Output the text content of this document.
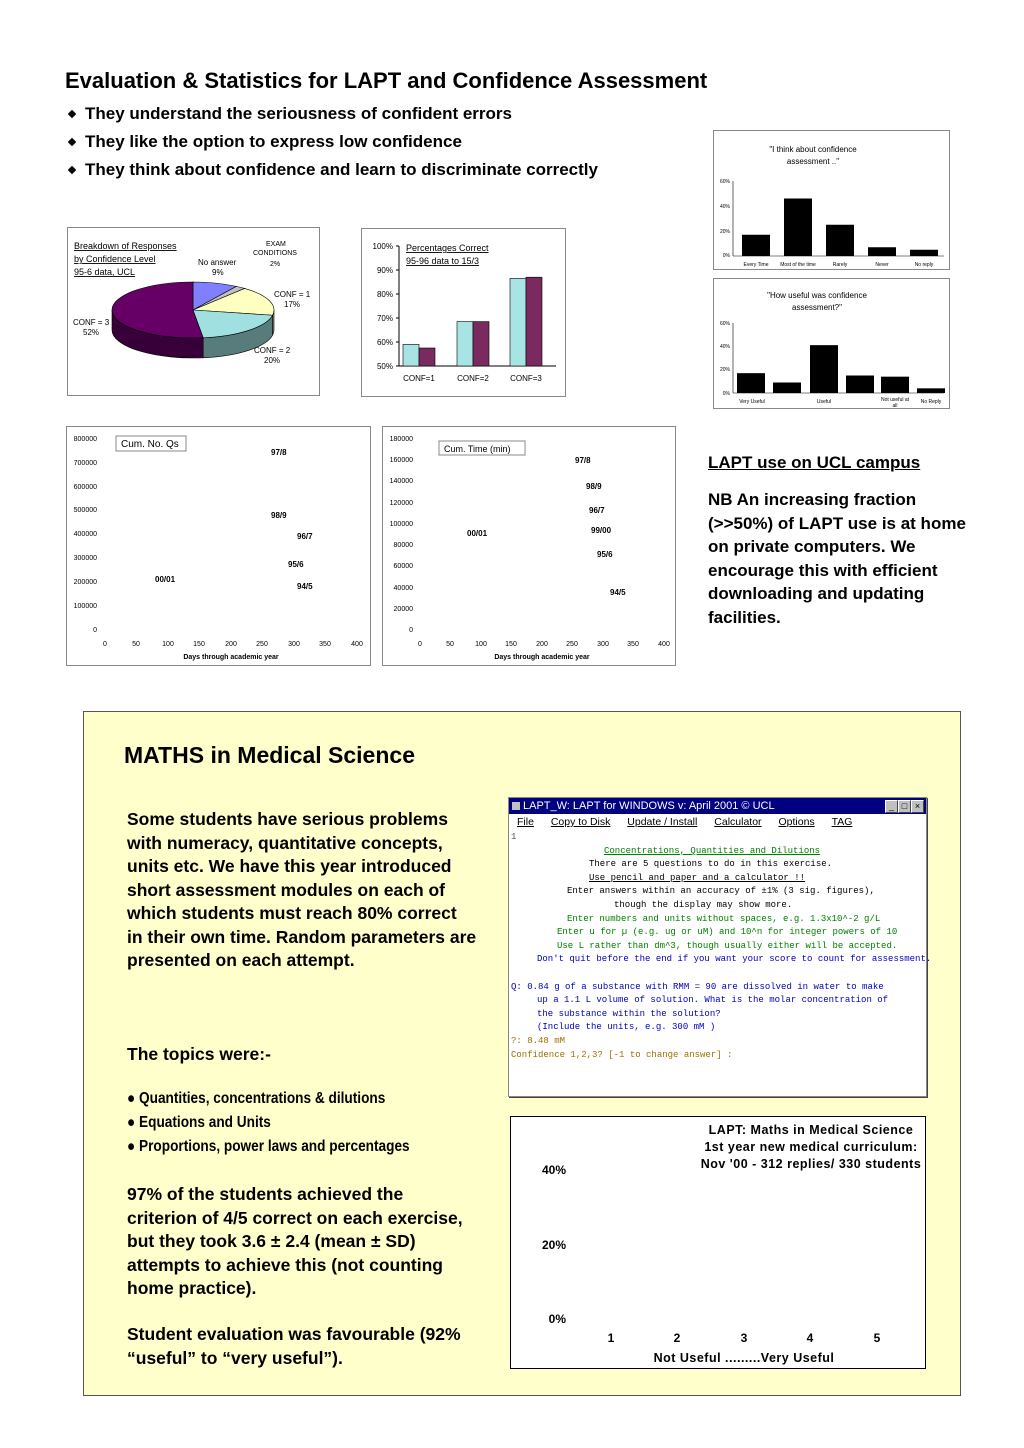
Evaluation & Statistics for LAPT and Confidence Assessment
They understand the seriousness of confident errors
They like the option to express low confidence
They think about confidence and learn to discriminate correctly
Breakdown of Responses
by Confidence Level
95-6 data, UCL
No answer
9%
EXAM
CONDITIONS
2%
CONF = 1
17%
CONF = 2
20%
CONF = 3
52%
Percentages Correct
95-96 data to 15/3
100%
90%
80%
70%
60%
50%
CONF=1	CONF=2	CONF=3
"I think about confidence
assessment .."
60%
40%
20%
0%
Every Time Most of the time	Rarely	Never	No reply
"How useful was confidence
assessment?"
60%
40%
20%
0%
Very Useful	Useful	Not useful at
all
No Reply
Cum. No. Qs
800000
700000
600000
500000
400000
300000
200000
100000
0
0	50	100	150	200	250	300	350	400
Days through academic year
97/8
98/9
96/7
95/6
94/5
00/01
Cum. Time (min)
180000
160000
140000
120000
100000
80000
60000
40000
20000
0
0	50	100	150	200	250	300	350	400
Days through academic year
97/8
98/9
96/7
99/00
00/01
95/6
94/5
LAPT use on UCL campus
NB An increasing fraction (>>50%) of LAPT use is at home on private computers. We encourage this with efficient downloading and updating facilities.
MATHS in Medical Science
Some students have serious problems with numeracy, quantitative concepts, units etc. We have this year introduced short assessment modules on each of which students must reach 80% correct in their own time. Random parameters are presented on each attempt.
The topics were:-
● Quantities, concentrations & dilutions
● Equations and Units
● Proportions, power laws and percentages
97% of the students achieved the criterion of 4/5 correct on each exercise, but they took 3.6 ± 2.4 (mean ± SD) attempts to achieve this (not counting home practice).
Student evaluation was favourable (92% “useful” to “very useful”).
LAPT_W: LAPT for WINDOWS v: April 2001 © UCL	_ □ ×
File Copy to Disk Update / Install Calculator Options TAG
1
Concentrations, Quantities and Dilutions
There are 5 questions to do in this exercise.
Use pencil and paper and a calculator !!
Enter answers within an accuracy of ±1% (3 sig. figures),
though the display may show more.
Enter numbers and units without spaces, e.g. 1.3x10^-2 g/L
Enter u for µ (e.g. ug or uM) and 10^n for integer powers of 10
Use L rather than dm^3, though usually either will be accepted.
Don't quit before the end if you want your score to count for assessment.
Q: 0.84 g of a substance with RMM = 90 are dissolved in water to make
up a 1.1 L volume of solution. What is the molar concentration of
the substance within the solution?
(Include the units, e.g. 300 mM )
?: 8.48 mM
Confidence 1,2,3? [-1 to change answer] :
LAPT: Maths in Medical Science
1st year new medical curriculum:
Nov '00 - 312 replies/ 330 students
40%
20%
0%
1	2	3	4	5
Not Useful .........Very Useful
